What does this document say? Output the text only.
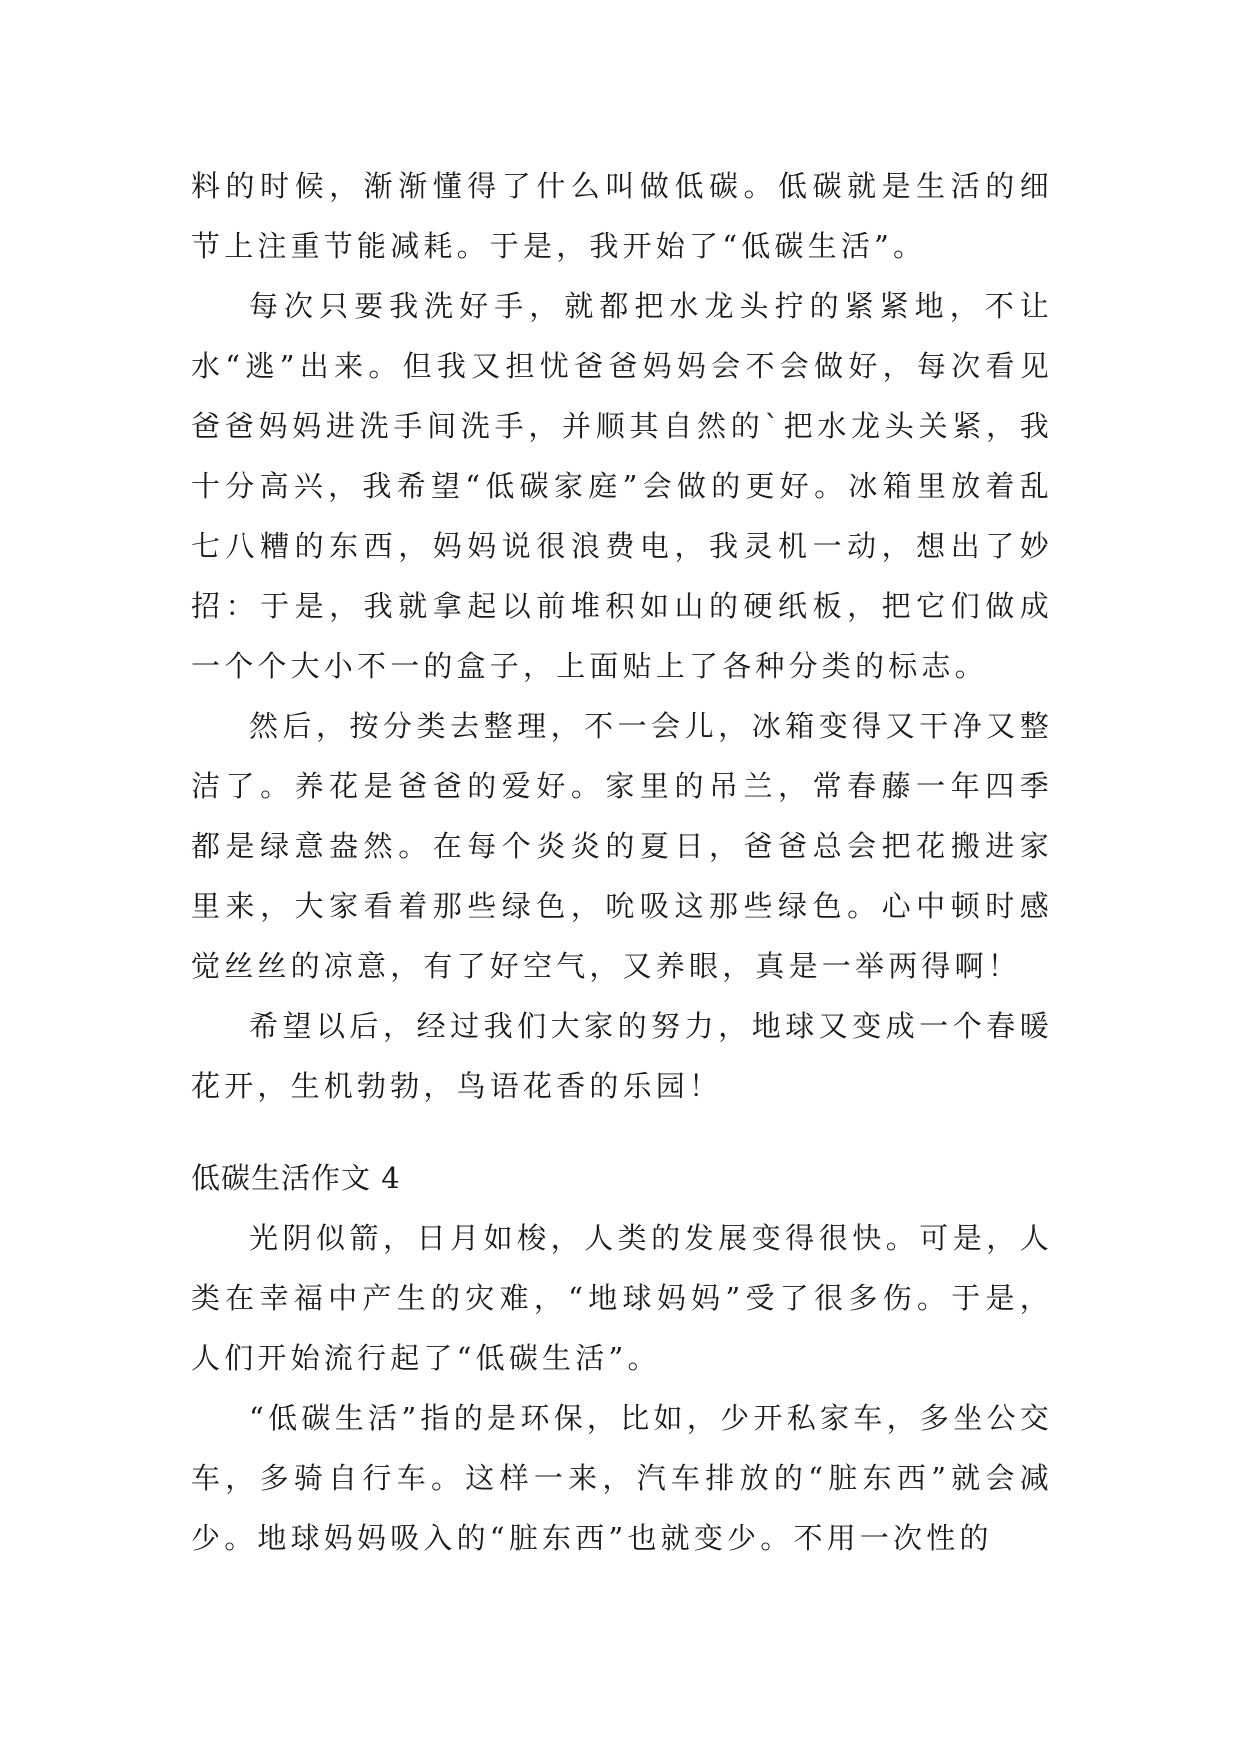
料的时候，渐渐懂得了什么叫做低碳。低碳就是生活的细节上注重节能减耗。于是，我开始了“低碳生活”。

每次只要我洗好手，就都把水龙头拧的紧紧地，不让水“逃”出来。但我又担忧爸爸妈妈会不会做好，每次看见爸爸妈妈进洗手间洗手，并顺其自然的`把水龙头关紧，我十分高兴，我希望“低碳家庭”会做的更好。冰箱里放着乱七八糟的东西，妈妈说很浪费电，我灵机一动，想出了妙招：于是，我就拿起以前堆积如山的硬纸板，把它们做成一个个大小不一的盒子，上面贴上了各种分类的标志。

然后，按分类去整理，不一会儿，冰箱变得又干净又整洁了。养花是爸爸的爱好。家里的吊兰，常春藤一年四季都是绿意盎然。在每个炎炎的夏日，爸爸总会把花搬进家里来，大家看着那些绿色，吮吸这那些绿色。心中顿时感觉丝丝的凉意，有了好空气，又养眼，真是一举两得啊！

希望以后，经过我们大家的努力，地球又变成一个春暖花开，生机勃勃，鸟语花香的乐园！

低碳生活作文 4

光阴似箭，日月如梭，人类的发展变得很快。可是，人类在幸福中产生的灾难，“地球妈妈”受了很多伤。于是，人们开始流行起了“低碳生活”。

“低碳生活”指的是环保，比如，少开私家车，多坐公交车，多骑自行车。这样一来，汽车排放的“脏东西”就会减少。地球妈妈吸入的“脏东西”也就变少。不用一次性的
